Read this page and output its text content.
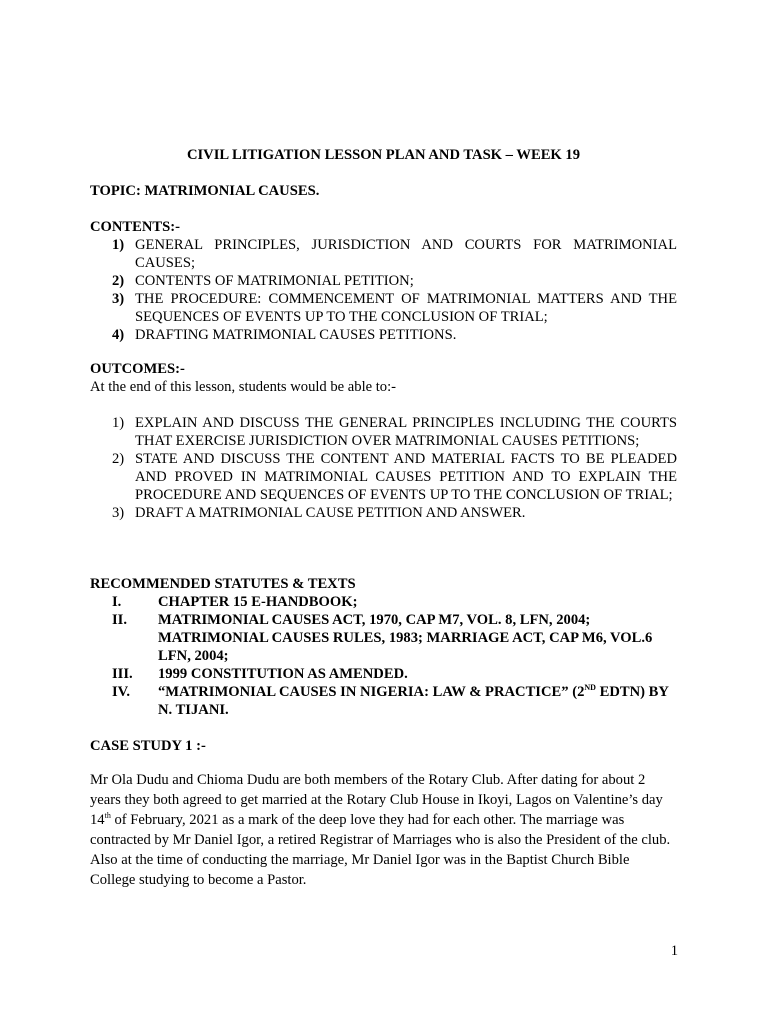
CIVIL LITIGATION LESSON PLAN AND TASK – WEEK 19
TOPIC: MATRIMONIAL CAUSES.
CONTENTS:-
1) GENERAL PRINCIPLES, JURISDICTION AND COURTS FOR MATRIMONIAL CAUSES;
2) CONTENTS OF MATRIMONIAL PETITION;
3) THE PROCEDURE: COMMENCEMENT OF MATRIMONIAL MATTERS AND THE SEQUENCES OF EVENTS UP TO THE CONCLUSION OF TRIAL;
4) DRAFTING MATRIMONIAL CAUSES PETITIONS.
OUTCOMES:-
At the end of this lesson, students would be able to:-
1) EXPLAIN AND DISCUSS THE GENERAL PRINCIPLES INCLUDING THE COURTS THAT EXERCISE JURISDICTION OVER MATRIMONIAL CAUSES PETITIONS;
2) STATE AND DISCUSS THE CONTENT AND MATERIAL FACTS TO BE PLEADED AND PROVED IN MATRIMONIAL CAUSES PETITION AND TO EXPLAIN THE PROCEDURE AND SEQUENCES OF EVENTS UP TO THE CONCLUSION OF TRIAL;
3) DRAFT A MATRIMONIAL CAUSE PETITION AND ANSWER.
RECOMMENDED STATUTES & TEXTS
I.	CHAPTER 15 E-HANDBOOK;
II. MATRIMONIAL CAUSES ACT, 1970, CAP M7, VOL. 8, LFN, 2004; MATRIMONIAL CAUSES RULES, 1983; MARRIAGE ACT, CAP M6, VOL.6 LFN, 2004;
III. 1999 CONSTITUTION AS AMENDED.
IV. “MATRIMONIAL CAUSES IN NIGERIA: LAW & PRACTICE” (2ND EDTN) BY N. TIJANI.
CASE STUDY 1 :-
Mr Ola Dudu and Chioma Dudu are both members of the Rotary Club. After dating for about 2 years they both agreed to get married at the Rotary Club House in Ikoyi, Lagos on Valentine’s day 14th of February, 2021 as a mark of the deep love they had for each other. The marriage was contracted by Mr Daniel Igor, a retired Registrar of Marriages who is also the President of the club. Also at the time of conducting the marriage, Mr Daniel Igor was in the Baptist Church Bible College studying to become a Pastor.
1
